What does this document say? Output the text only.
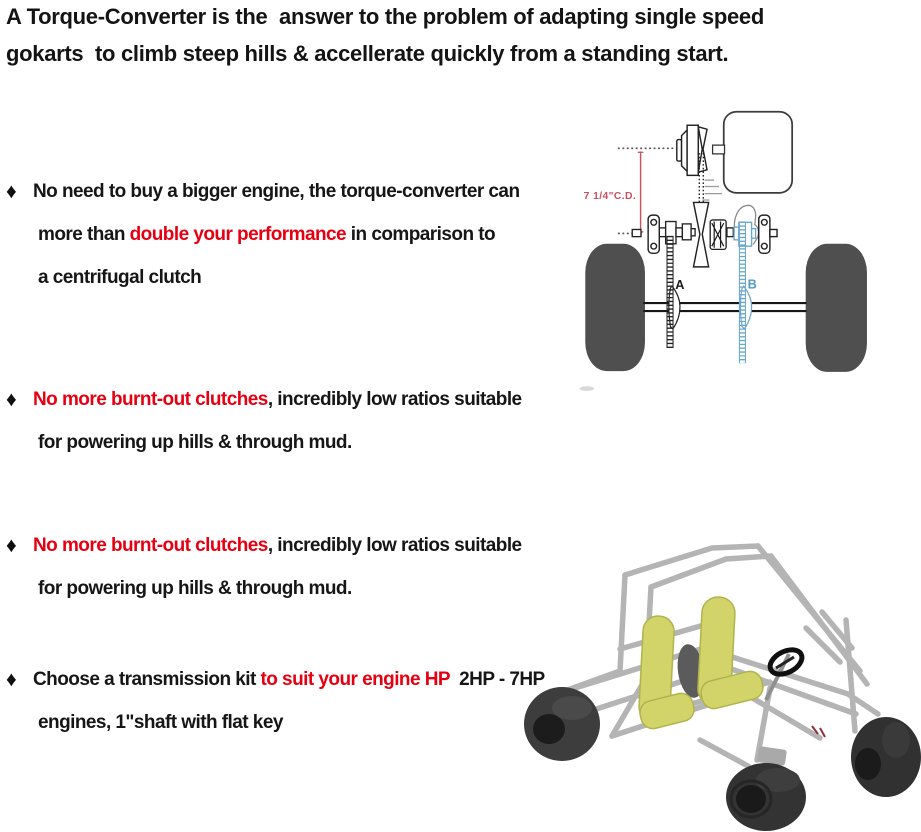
A Torque-Converter is the  answer to the problem of adapting single speed
gokarts  to climb steep hills & accellerate quickly from a standing start.
♦ No need to buy a bigger engine, the torque-converter can
more than double your performance in comparison to
a centrifugal clutch
♦ No more burnt-out clutches, incredibly low ratios suitable
for powering up hills & through mud.
♦ No more burnt-out clutches, incredibly low ratios suitable
for powering up hills & through mud.
♦ Choose a transmission kit to suit your engine HP  2HP - 7HP
engines, 1"shaft with flat key
7 1/4"C.D.
A	B
